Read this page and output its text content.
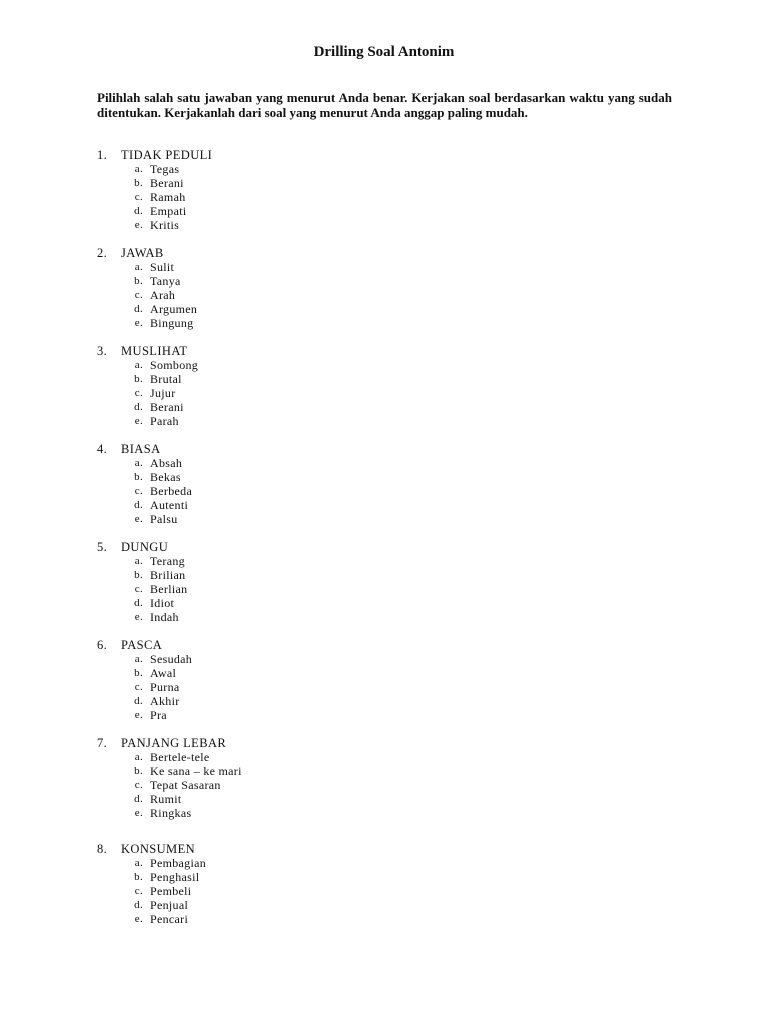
Drilling Soal Antonim
Pilihlah salah satu jawaban yang menurut Anda benar. Kerjakan soal berdasarkan waktu yang sudah ditentukan. Kerjakanlah dari soal yang menurut Anda anggap paling mudah.
1.	TIDAK PEDULI
a. Tegas
b. Berani
c. Ramah
d. Empati
e. Kritis
2.	JAWAB
a. Sulit
b. Tanya
c. Arah
d. Argumen
e. Bingung
3.	MUSLIHAT
a. Sombong
b. Brutal
c. Jujur
d. Berani
e. Parah
4.	BIASA
a. Absah
b. Bekas
c. Berbeda
d. Autenti
e. Palsu
5.	DUNGU
a. Terang
b. Brilian
c. Berlian
d. Idiot
e. Indah
6.	PASCA
a. Sesudah
b. Awal
c. Purna
d. Akhir
e. Pra
7.	PANJANG LEBAR
a. Bertele-tele
b. Ke sana – ke mari
c. Tepat Sasaran
d. Rumit
e. Ringkas
8.	KONSUMEN
a. Pembagian
b. Penghasil
c. Pembeli
d. Penjual
e. Pencari
